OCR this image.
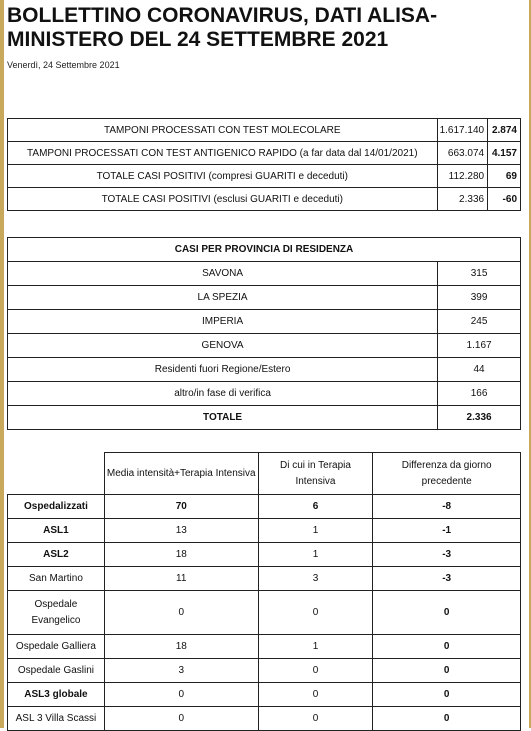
BOLLETTINO CORONAVIRUS, DATI ALISA-MINISTERO DEL 24 SETTEMBRE 2021
Venerdì, 24 Settembre 2021
TAMPONI PROCESSATI CON TEST MOLECOLARE	1.617.140	2.874
TAMPONI PROCESSATI CON TEST ANTIGENICO RAPIDO (a far data dal 14/01/2021)	663.074	4.157
TOTALE CASI POSITIVI (compresi GUARITI e deceduti)	112.280	69
TOTALE CASI POSITIVI (esclusi GUARITI e deceduti)	2.336	-60
CASI PER PROVINCIA DI RESIDENZA	
SAVONA	315
LA SPEZIA	399
IMPERIA	245
GENOVA	1.167
Residenti fuori Regione/Estero	44
altro/in fase di verifica	166
TOTALE	2.336
	Media intensità+Terapia Intensiva	Di cui in Terapia Intensiva	Differenza da giorno precedente
Ospedalizzati	70	6	-8
ASL1	13	1	-1
ASL2	18	1	-3
San Martino	11	3	-3
Ospedale Evangelico	0	0	0
Ospedale Galliera	18	1	0
Ospedale Gaslini	3	0	0
ASL3 globale	0	0	0
ASL 3 Villa Scassi	0	0	0
